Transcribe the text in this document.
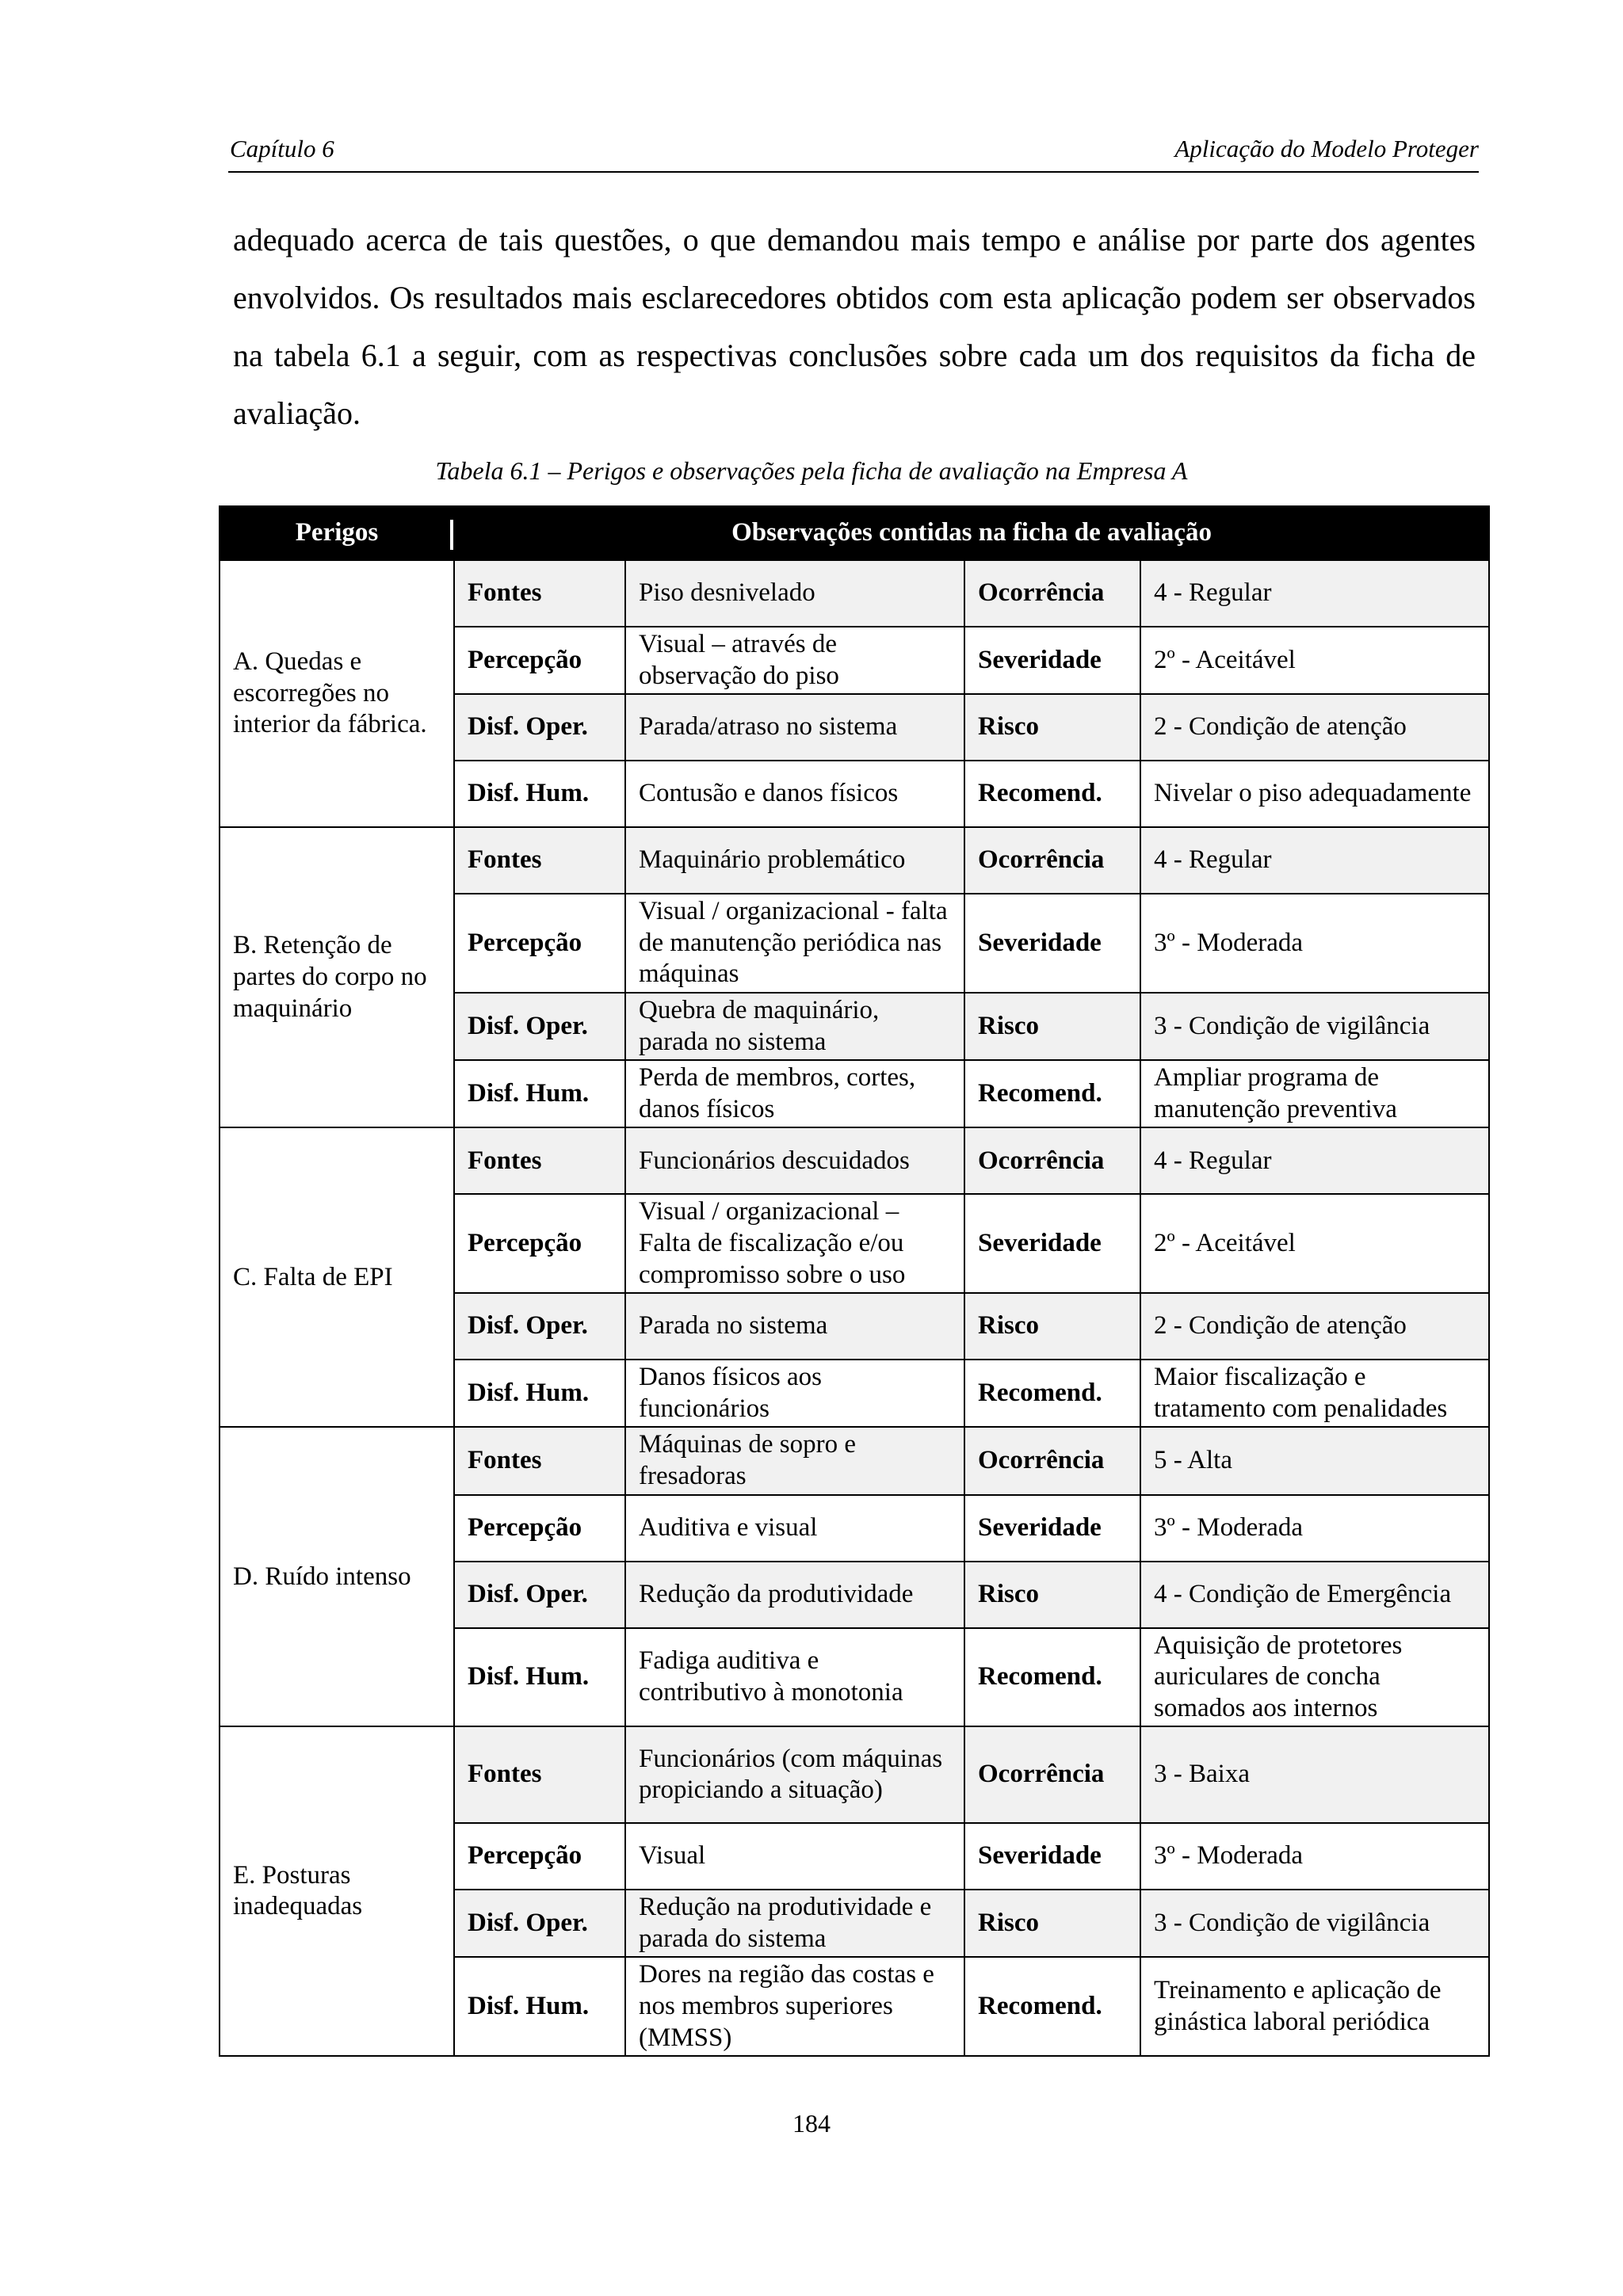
Capítulo 6	Aplicação do Modelo Proteger

adequado acerca de tais questões, o que demandou mais tempo e análise por parte dos agentes envolvidos. Os resultados mais esclarecedores obtidos com esta aplicação podem ser observados na tabela 6.1 a seguir, com as respectivas conclusões sobre cada um dos requisitos da ficha de avaliação.

Tabela 6.1 – Perigos e observações pela ficha de avaliação na Empresa A
Perigos	Observações contidas na ficha de avaliação			
A. Quedas e escorregões no interior da fábrica.	Fontes	Piso desnivelado	Ocorrência	4 - Regular
	Percepção	Visual – através de observação do piso	Severidade	2º - Aceitável
	Disf. Oper.	Parada/atraso no sistema	Risco	2 - Condição de atenção
	Disf. Hum.	Contusão e danos físicos	Recomend.	Nivelar o piso adequadamente
B. Retenção de partes do corpo no maquinário	Fontes	Maquinário problemático	Ocorrência	4 - Regular
	Percepção	Visual / organizacional - falta de manutenção periódica nas máquinas	Severidade	3º - Moderada
	Disf. Oper.	Quebra de maquinário, parada no sistema	Risco	3 - Condição de vigilância
	Disf. Hum.	Perda de membros, cortes, danos físicos	Recomend.	Ampliar programa de manutenção preventiva
C. Falta de EPI	Fontes	Funcionários descuidados	Ocorrência	4 - Regular
	Percepção	Visual / organizacional – Falta de fiscalização e/ou compromisso sobre o uso	Severidade	2º - Aceitável
	Disf. Oper.	Parada no sistema	Risco	2 - Condição de atenção
	Disf. Hum.	Danos físicos aos funcionários	Recomend.	Maior fiscalização e tratamento com penalidades
D. Ruído intenso	Fontes	Máquinas de sopro e fresadoras	Ocorrência	5 - Alta
	Percepção	Auditiva e visual	Severidade	3º - Moderada
	Disf. Oper.	Redução da produtividade	Risco	4 - Condição de Emergência
	Disf. Hum.	Fadiga auditiva e contributivo à monotonia	Recomend.	Aquisição de protetores auriculares de concha somados aos internos
E. Posturas inadequadas	Fontes	Funcionários (com máquinas propiciando a situação)	Ocorrência	3 - Baixa
	Percepção	Visual	Severidade	3º - Moderada
	Disf. Oper.	Redução na produtividade e parada do sistema	Risco	3 - Condição de vigilância
	Disf. Hum.	Dores na região das costas e nos membros superiores (MMSS)	Recomend.	Treinamento e aplicação de ginástica laboral periódica
184
